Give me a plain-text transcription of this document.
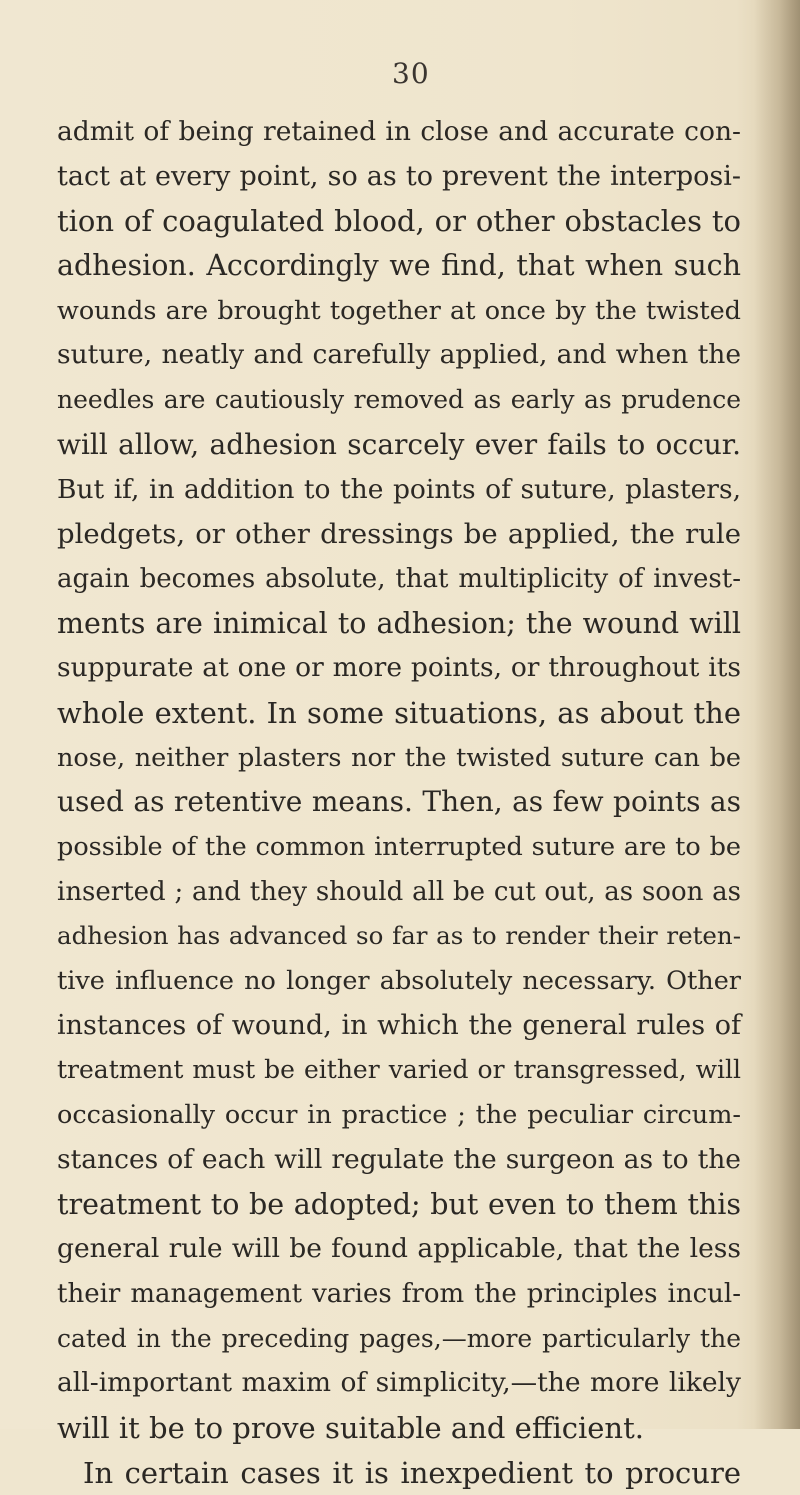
30
admit of being retained in close and accurate con-
tact at every point, so as to prevent the interposi-
tion of coagulated blood, or other obstacles to
adhesion. Accordingly we find, that when such
wounds are brought together at once by the twisted
suture, neatly and carefully applied, and when the
needles are cautiously removed as early as prudence
will allow, adhesion scarcely ever fails to occur.
But if, in addition to the points of suture, plasters,
pledgets, or other dressings be applied, the rule
again becomes absolute, that multiplicity of invest-
ments are inimical to adhesion; the wound will
suppurate at one or more points, or throughout its
whole extent. In some situations, as about the
nose, neither plasters nor the twisted suture can be
used as retentive means. Then, as few points as
possible of the common interrupted suture are to be
inserted ; and they should all be cut out, as soon as
adhesion has advanced so far as to render their reten-
tive influence no longer absolutely necessary. Other
instances of wound, in which the general rules of
treatment must be either varied or transgressed, will
occasionally occur in practice ; the peculiar circum-
stances of each will regulate the surgeon as to the
treatment to be adopted; but even to them this
general rule will be found applicable, that the less
their management varies from the principles incul-
cated in the preceding pages,—more particularly the
all-important maxim of simplicity,—the more likely
will it be to prove suitable and efficient.
In certain cases it is inexpedient to procure
